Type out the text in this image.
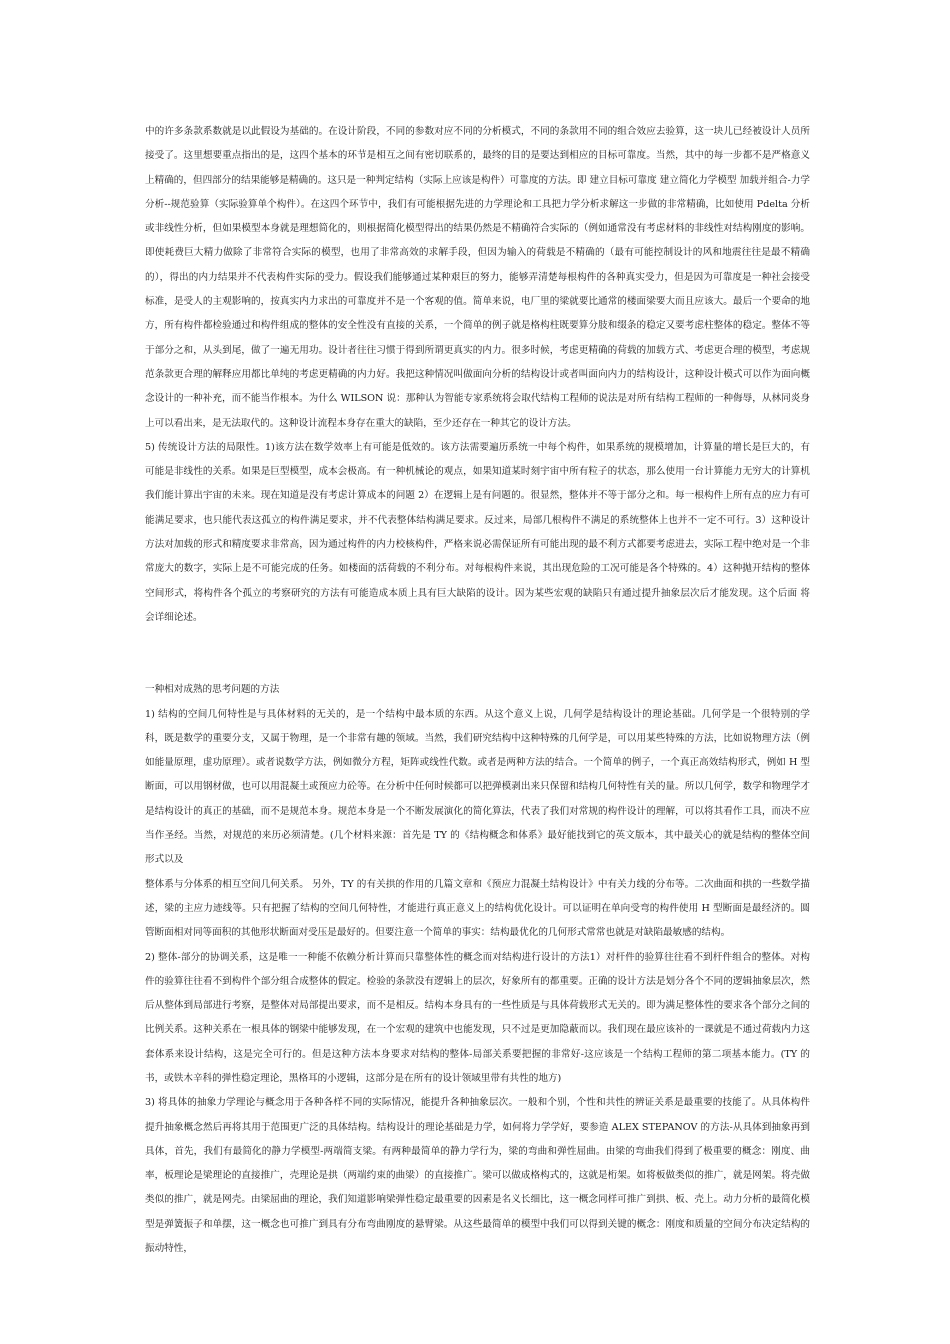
中的许多条款系数就是以此假设为基础的。在设计阶段，不同的参数对应不同的分析模式，不同的条款用不同的组合效应去验算，这一块儿已经被设计人员所接受了。这里想要重点指出的是，这四个基本的环节是相互之间有密切联系的，最终的目的是要达到相应的目标可靠度。当然，其中的每一步都不是严格意义上精确的，但四部分的结果能够是精确的。这只是一种判定结构（实际上应该是构件）可靠度的方法。即 建立目标可靠度 建立简化力学模型 加载并组合-力学分析--规范验算（实际验算单个构件）。在这四个环节中，我们有可能根据先进的力学理论和工具把力学分析求解这一步做的非常精确，比如使用 Pdelta 分析或非线性分析，但如果模型本身就是理想简化的，则根据简化模型得出的结果仍然是不精确符合实际的（例如通常没有考虑材料的非线性对结构刚度的影响。即使耗费巨大精力做除了非常符合实际的模型，也用了非常高效的求解手段，但因为输入的荷载是不精确的（最有可能控制设计的风和地震往往是最不精确的），得出的内力结果并不代表构件实际的受力。假设我们能够通过某种艰巨的努力，能够弄清楚每根构件的各种真实受力，但是因为可靠度是一种社会接受标准，是受人的主观影响的，按真实内力求出的可靠度并不是一个客观的值。简单来说，电厂里的梁就要比通常的楼面梁要大而且应该大。最后一个要命的地方，所有构件都检验通过和构件组成的整体的安全性没有直接的关系，一个简单的例子就是格构柱既要算分肢和缀条的稳定又要考虑柱整体的稳定。整体不等于部分之和，从头到尾，做了一遍无用功。设计者往往习惯于得到所谓更真实的内力。很多时候，考虑更精确的荷载的加载方式、考虑更合理的模型，考虑规范条款更合理的解释应用都比单纯的考虑更精确的内力好。我把这种情况叫做面向分析的结构设计或者叫面向内力的结构设计，这种设计模式可以作为面向概念设计的一种补充，而不能当作根本。为什么 WILSON 说：那种认为智能专家系统将会取代结构工程师的说法是对所有结构工程师的一种侮辱，从林同炎身上可以看出来，是无法取代的。这种设计流程本身存在重大的缺陷，至少还存在一种其它的设计方法。

5) 传统设计方法的局限性。1)该方法在数学效率上有可能是低效的。该方法需要遍历系统一中每个构件，如果系统的规模增加，计算量的增长是巨大的，有可能是非线性的关系。如果是巨型模型，成本会极高。有一种机械论的观点，如果知道某时刻宇宙中所有粒子的状态，那么使用一台计算能力无穷大的计算机我们能计算出宇宙的未来。现在知道是没有考虑计算成本的问题 2）在逻辑上是有问题的。很显然，整体并不等于部分之和。每一根构件上所有点的应力有可能满足要求，也只能代表这孤立的构件满足要求，并不代表整体结构满足要求。反过来，局部几根构件不满足的系统整体上也并不一定不可行。3）这种设计方法对加载的形式和精度要求非常高，因为通过构件的内力校核构件，严格来说必需保证所有可能出现的最不利方式都要考虑进去，实际工程中绝对是一个非常庞大的数字，实际上是不可能完成的任务。如楼面的活荷载的不利分布。对每根构件来说，其出现危险的工况可能是各个特殊的。4）这种抛开结构的整体空间形式，将构件各个孤立的考察研究的方法有可能造成本质上具有巨大缺陷的设计。因为某些宏观的缺陷只有通过提升抽象层次后才能发现。这个后面 将会详细论述。

一种相对成熟的思考问题的方法

1) 结构的空间几何特性是与具体材料的无关的，是一个结构中最本质的东西。从这个意义上说，几何学是结构设计的理论基础。几何学是一个很特别的学科，既是数学的重要分支，又属于物理，是一个非常有趣的领域。当然，我们研究结构中这种特殊的几何学是，可以用某些特殊的方法，比如说物理方法（例如能量原理，虚功原理）。或者说数学方法，例如微分方程，矩阵或线性代数。或者是两种方法的结合。一个简单的例子，一个真正高效结构形式，例如 H 型断面，可以用钢材做，也可以用混凝土或预应力砼等。在分析中任何时候都可以把弹模剥出来只保留和结构几何特性有关的量。所以几何学，数学和物理学才是结构设计的真正的基础，而不是规范本身。规范本身是一个不断发展演化的简化算法，代表了我们对常规的构件设计的理解，可以将其看作工具，而决不应当作圣经。当然，对规范的来历必须清楚。(几个材料来源：首先是 TY 的《结构概念和体系》最好能找到它的英文版本，其中最关心的就是结构的整体空间形式以及

整体系与分体系的相互空间几何关系。 另外，TY 的有关拱的作用的几篇文章和《预应力混凝土结构设计》中有关力线的分布等。二次曲面和拱的一些数学描述，梁的主应力迹线等。只有把握了结构的空间几何特性，才能进行真正意义上的结构优化设计。可以证明在单向受弯的构件使用 H 型断面是最经济的。圆管断面相对同等面积的其他形状断面对受压是最好的。但要注意一个简单的事实：结构最优化的几何形式常常也就是对缺陷最敏感的结构。

2) 整体-部分的协调关系，这是唯一一种能不依赖分析计算而只靠整体性的概念而对结构进行设计的方法1）对杆件的验算往往看不到杆件组合的整体。对构件的验算往往看不到构件个部分组合成整体的假定。检验的条款没有逻辑上的层次，好象所有的都重要。正确的设计方法是划分各个不同的逻辑抽象层次，然后从整体到局部进行考察，是整体对局部提出要求，而不是相反。结构本身具有的一些性质是与具体荷载形式无关的。即为满足整体性的要求各个部分之间的比例关系。这种关系在一根具体的钢梁中能够发现，在一个宏观的建筑中也能发现，只不过是更加隐蔽而以。我们现在最应该补的一课就是不通过荷载内力这套体系来设计结构，这是完全可行的。但是这种方法本身要求对结构的整体-局部关系要把握的非常好-这应该是一个结构工程师的第二项基本能力。(TY 的书，或铁木辛科的弹性稳定理论，黑格耳的小逻辑，这部分是在所有的设计领域里带有共性的地方)

3) 将具体的抽象力学理论与概念用于各种各样不同的实际情况，能提升各种抽象层次。一般和个别，个性和共性的辨证关系是最重要的技能了。从具体构件提升抽象概念然后再将其用于范围更广泛的具体结构。结构设计的理论基础是力学，如何将力学学好，要参造 ALEX STEPANOV 的方法-从具体到抽象再到具体，首先，我们有最简化的静力学模型-两端简支梁。有两种最简单的静力学行为，梁的弯曲和弹性屈曲。由梁的弯曲我们得到了极重要的概念：刚度、曲率，板理论是梁理论的直接推广，壳理论是拱（两端约束的曲梁）的直接推广。梁可以做成格构式的，这就是桁架。如将板做类似的推广，就是网架。将壳做类似的推广，就是网壳。由梁屈曲的理论，我们知道影响梁弹性稳定最重要的因素是名义长细比，这一概念同样可推广到拱、板、壳上。动力分析的最简化模型是弹簧振子和单摆，这一概念也可推广到具有分布弯曲刚度的悬臂梁。从这些最简单的模型中我们可以得到关键的概念：刚度和质量的空间分布决定结构的振动特性，
